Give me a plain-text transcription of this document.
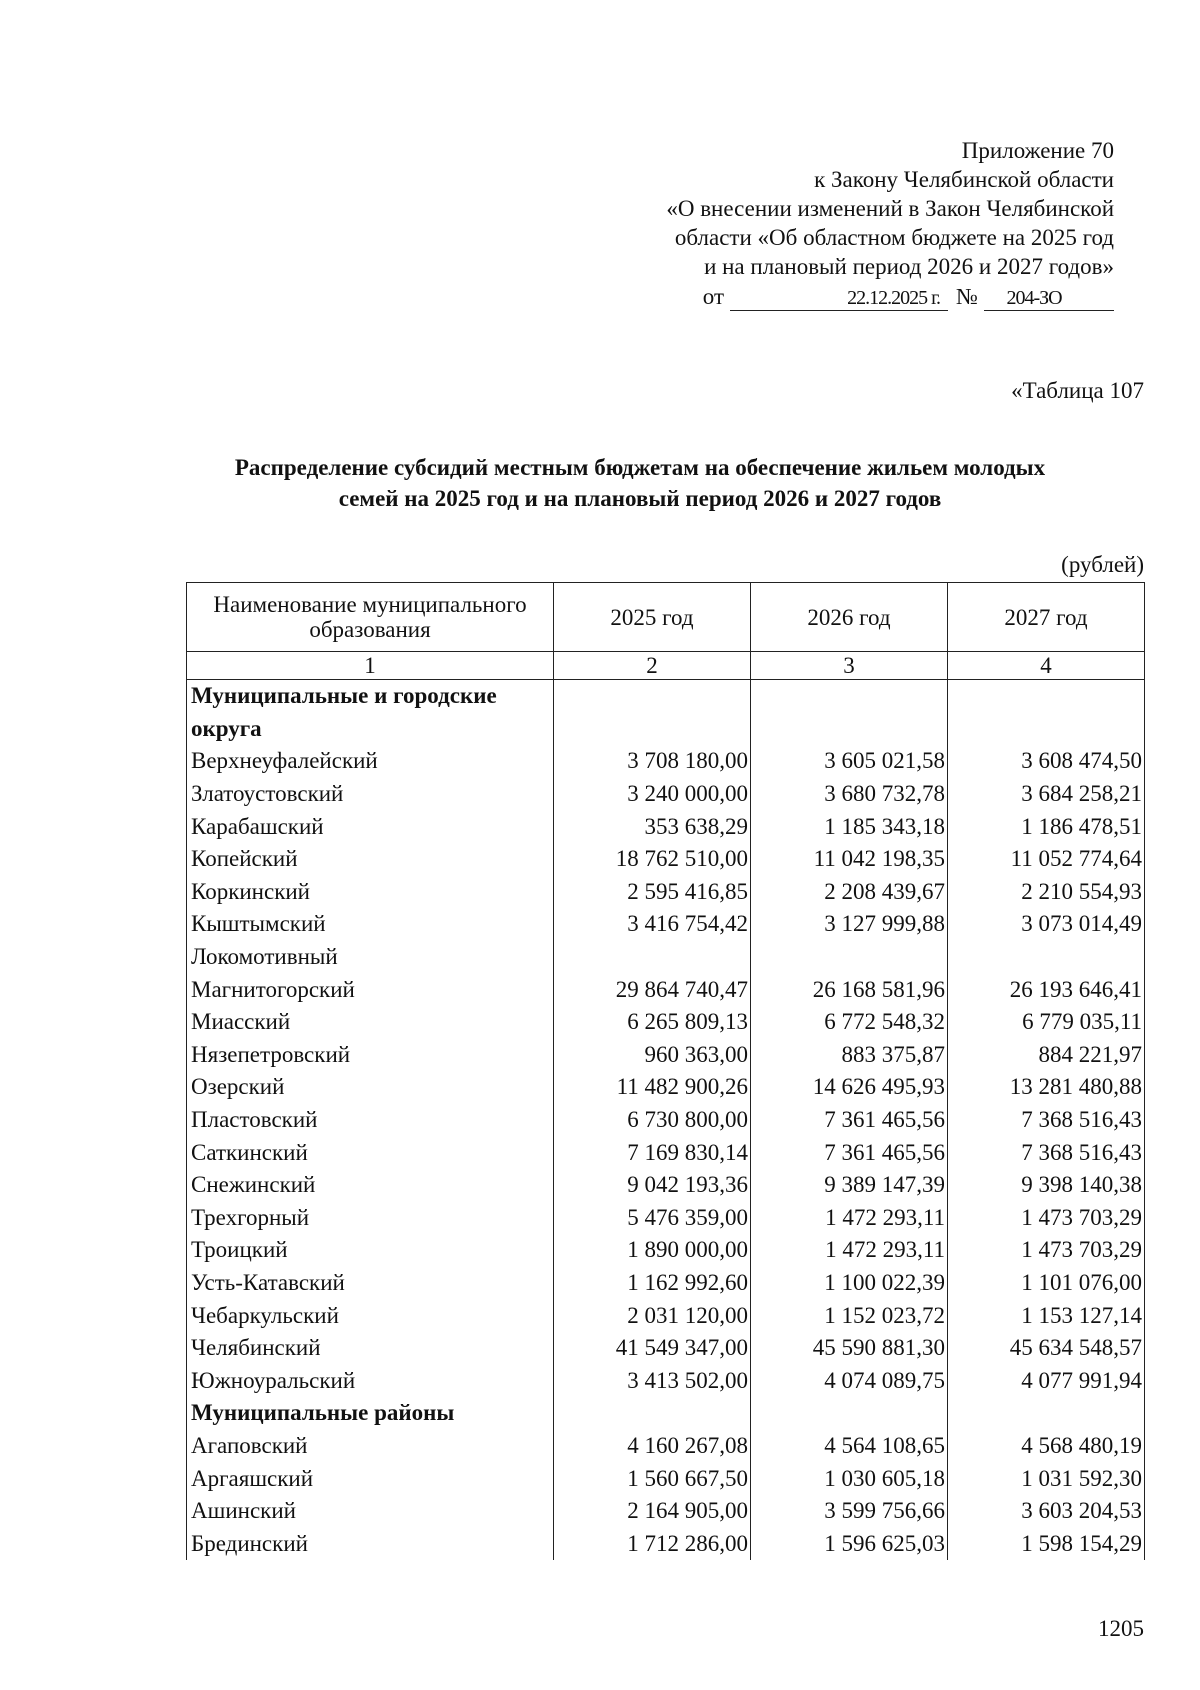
Приложение 70
к Закону Челябинской области
«О внесении изменений в Закон Челябинской
области «Об областном бюджете на 2025 год
и на плановый период 2026 и 2027 годов»
от	22.12.2025 г. №	204-ЗО
«Таблица 107
Распределение субсидий местным бюджетам на обеспечение жильем молодых
семей на 2025 год и на плановый период 2026 и 2027 годов
(рублей)
Наименование муниципального образования	2025 год	2026 год	2027 год
1	2	3	4
Муниципальные и городские			
округа			
Верхнеуфалейский	3 708 180,00	3 605 021,58	3 608 474,50
Златоустовский	3 240 000,00	3 680 732,78	3 684 258,21
Карабашский	353 638,29	1 185 343,18	1 186 478,51
Копейский	18 762 510,00	11 042 198,35	11 052 774,64
Коркинский	2 595 416,85	2 208 439,67	2 210 554,93
Кыштымский	3 416 754,42	3 127 999,88	3 073 014,49
Локомотивный			
Магнитогорский	29 864 740,47	26 168 581,96	26 193 646,41
Миасский	6 265 809,13	6 772 548,32	6 779 035,11
Нязепетровский	960 363,00	883 375,87	884 221,97
Озерский	11 482 900,26	14 626 495,93	13 281 480,88
Пластовский	6 730 800,00	7 361 465,56	7 368 516,43
Саткинский	7 169 830,14	7 361 465,56	7 368 516,43
Снежинский	9 042 193,36	9 389 147,39	9 398 140,38
Трехгорный	5 476 359,00	1 472 293,11	1 473 703,29
Троицкий	1 890 000,00	1 472 293,11	1 473 703,29
Усть-Катавский	1 162 992,60	1 100 022,39	1 101 076,00
Чебаркульский	2 031 120,00	1 152 023,72	1 153 127,14
Челябинский	41 549 347,00	45 590 881,30	45 634 548,57
Южноуральский	3 413 502,00	4 074 089,75	4 077 991,94
Муниципальные районы			
Агаповский	4 160 267,08	4 564 108,65	4 568 480,19
Аргаяшский	1 560 667,50	1 030 605,18	1 031 592,30
Ашинский	2 164 905,00	3 599 756,66	3 603 204,53
Брединский	1 712 286,00	1 596 625,03	1 598 154,29
1205
